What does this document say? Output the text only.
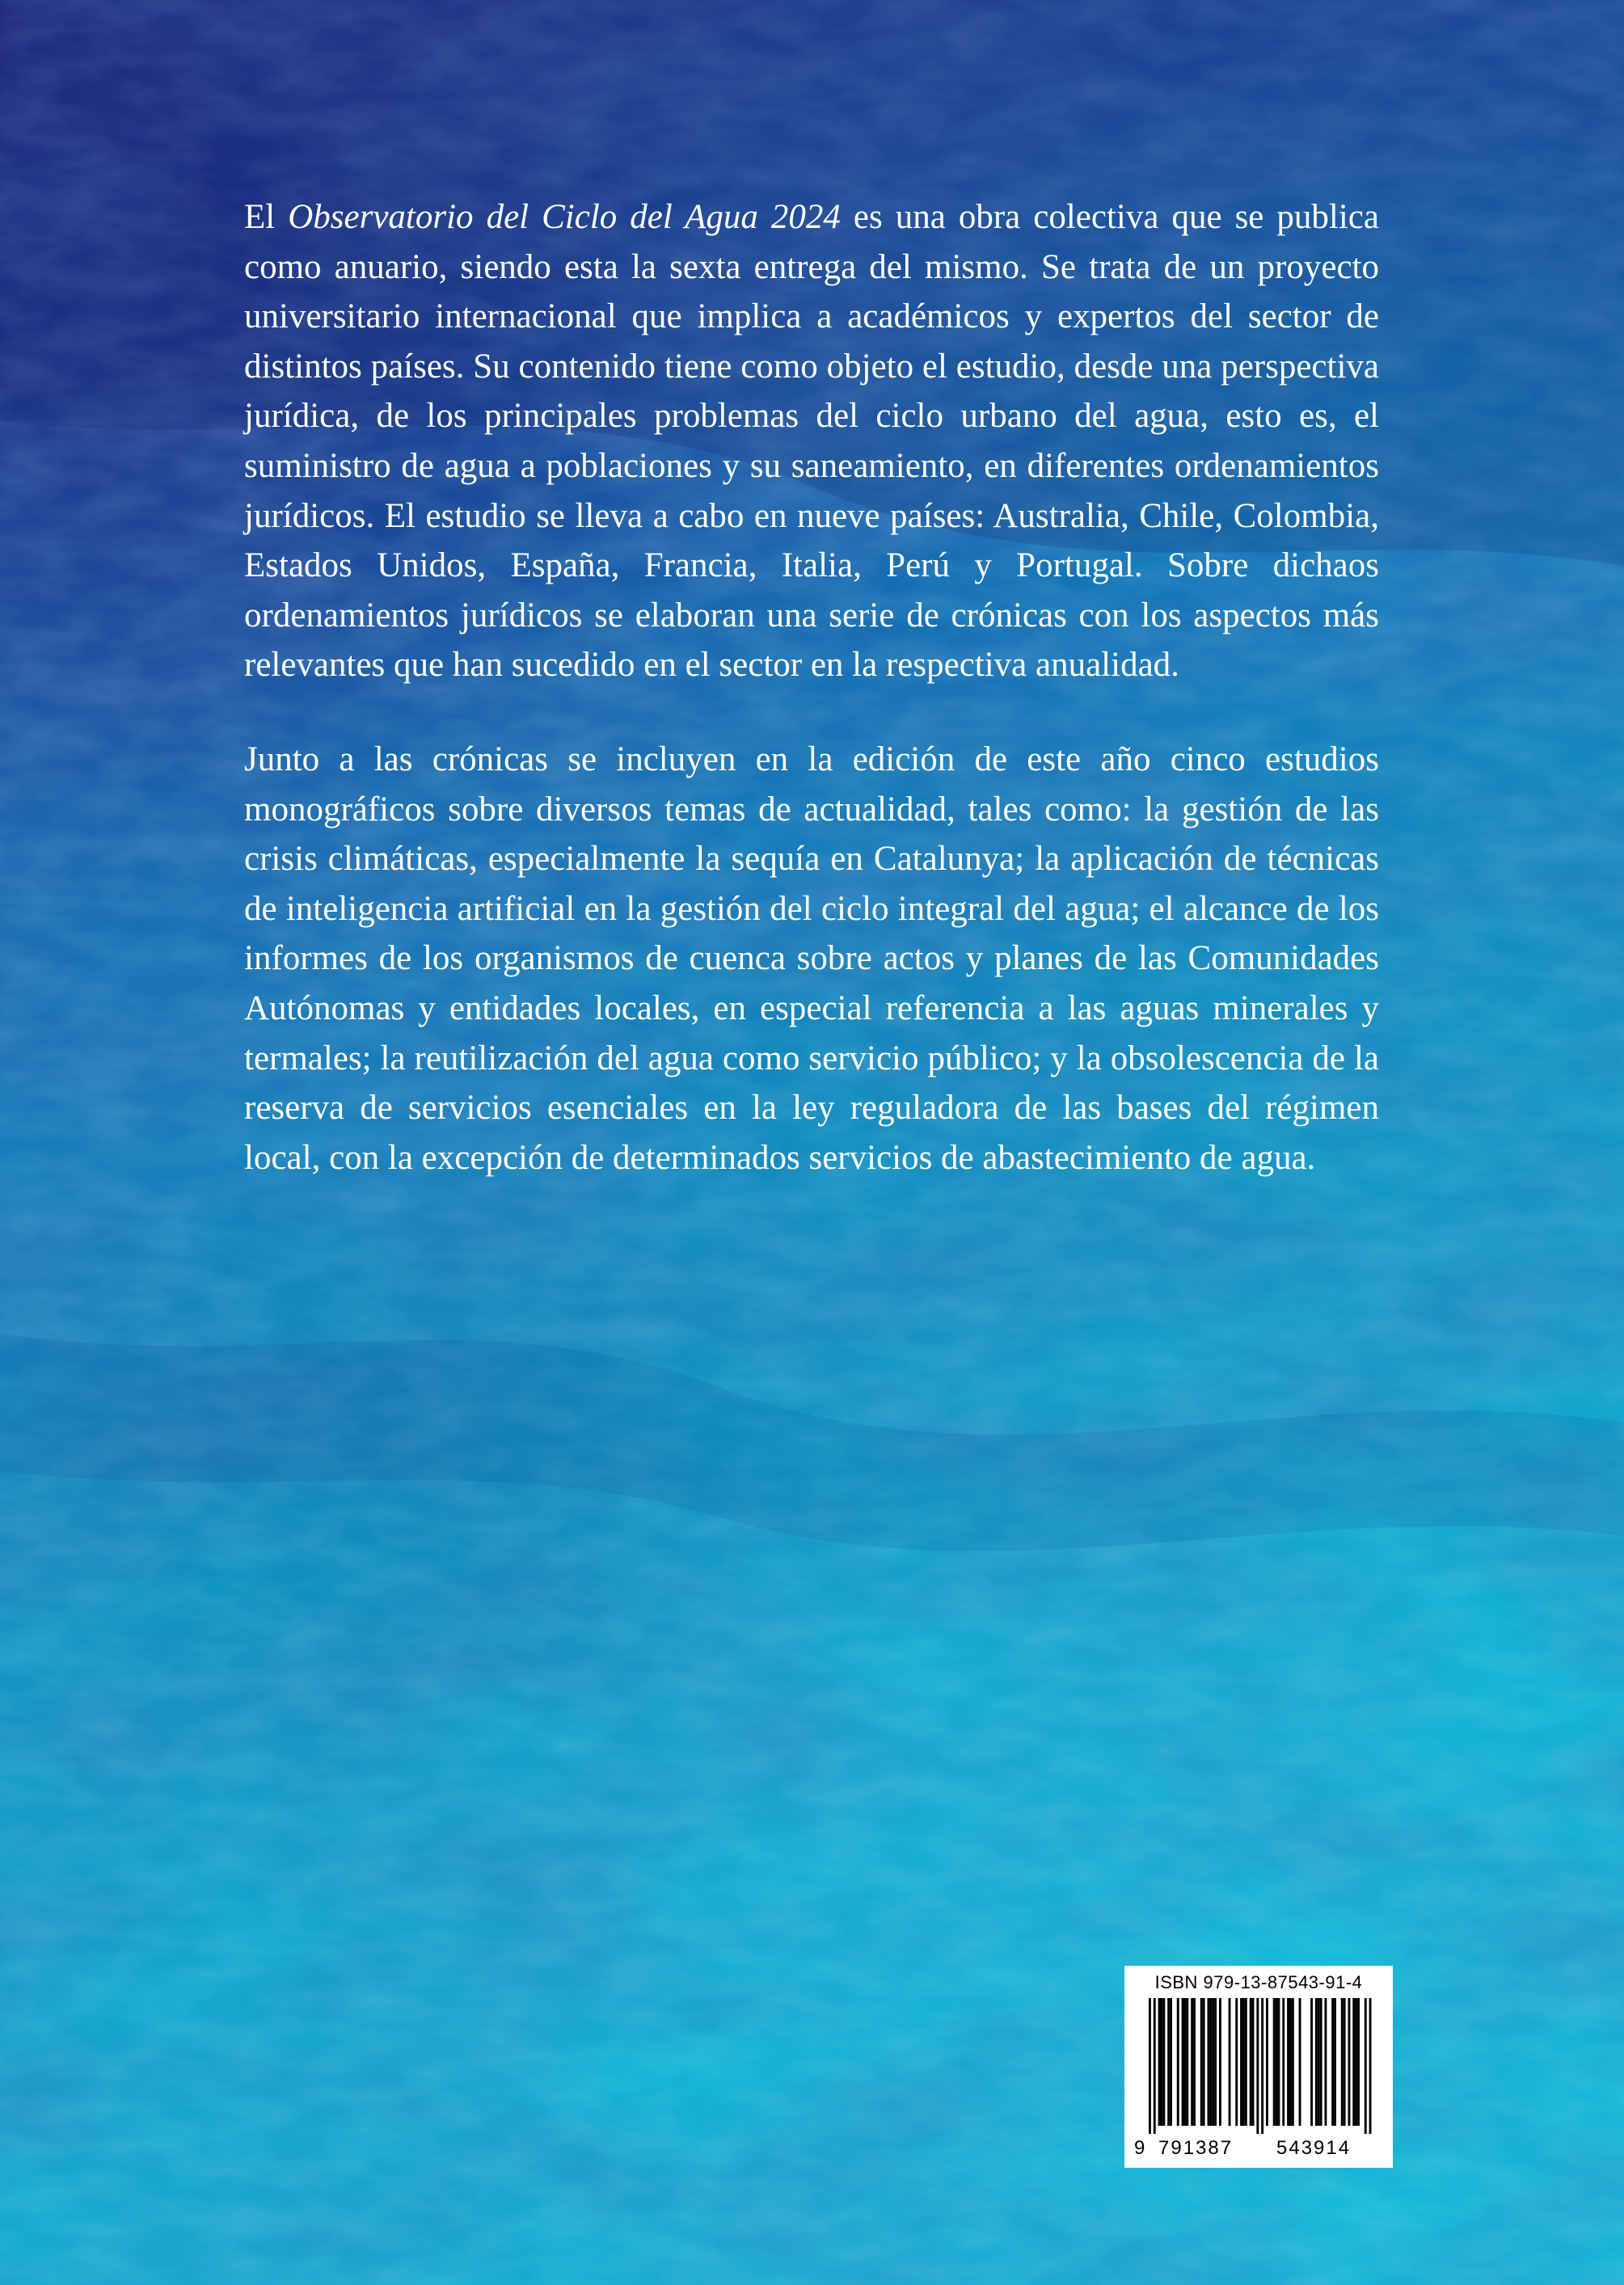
El Observatorio del Ciclo del Agua 2024 es una obra colectiva que se publica como anuario, siendo esta la sexta entrega del mismo. Se trata de un proyecto universitario internacional que implica a académicos y expertos del sector de distintos países. Su contenido tiene como objeto el estudio, desde una perspectiva jurídica, de los principales problemas del ciclo urbano del agua, esto es, el suministro de agua a poblaciones y su saneamiento, en diferentes ordenamientos jurídicos. El estudio se lleva a cabo en nueve países: Australia, Chile, Colombia, Estados Unidos, España, Francia, Italia, Perú y Portugal. Sobre dichaos ordenamientos jurídicos se elaboran una serie de crónicas con los aspectos más relevantes que han sucedido en el sector en la respectiva anualidad.

Junto a las crónicas se incluyen en la edición de este año cinco estudios monográficos sobre diversos temas de actualidad, tales como: la gestión de las crisis climáticas, especialmente la sequía en Catalunya; la aplicación de técnicas de inteligencia artificial en la gestión del ciclo integral del agua; el alcance de los informes de los organismos de cuenca sobre actos y planes de las Comunidades Autónomas y entidades locales, en especial referencia a las aguas minerales y termales; la reutilización del agua como servicio público; y la obsolescencia de la reserva de servicios esenciales en la ley reguladora de las bases del régimen local, con la excepción de determinados servicios de abastecimiento de agua.

ISBN 979-13-87543-91-4
9 791387 543914
